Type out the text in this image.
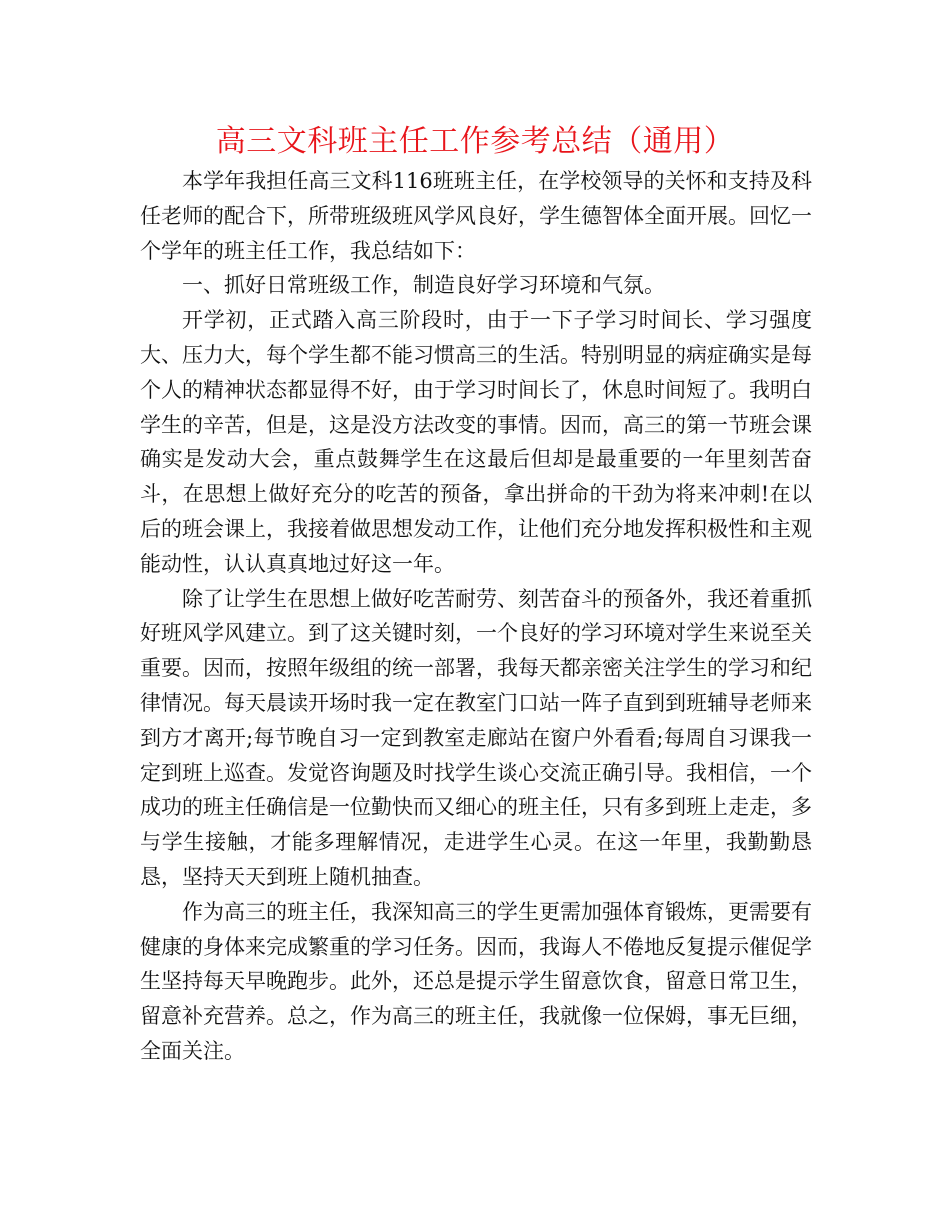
高三文科班主任工作参考总结（通用）

本学年我担任高三文科116班班主任，在学校领导的关怀和支持及科任老师的配合下，所带班级班风学风良好，学生德智体全面开展。回忆一个学年的班主任工作，我总结如下：

一、抓好日常班级工作，制造良好学习环境和气氛。

开学初，正式踏入高三阶段时，由于一下子学习时间长、学习强度大、压力大，每个学生都不能习惯高三的生活。特别明显的病症确实是每个人的精神状态都显得不好，由于学习时间长了，休息时间短了。我明白学生的辛苦，但是，这是没方法改变的事情。因而，高三的第一节班会课确实是发动大会，重点鼓舞学生在这最后但却是最重要的一年里刻苦奋斗，在思想上做好充分的吃苦的预备，拿出拼命的干劲为将来冲刺!在以后的班会课上，我接着做思想发动工作，让他们充分地发挥积极性和主观能动性，认认真真地过好这一年。

除了让学生在思想上做好吃苦耐劳、刻苦奋斗的预备外，我还着重抓好班风学风建立。到了这关键时刻，一个良好的学习环境对学生来说至关重要。因而，按照年级组的统一部署，我每天都亲密关注学生的学习和纪律情况。每天晨读开场时我一定在教室门口站一阵子直到到班辅导老师来到方才离开;每节晚自习一定到教室走廊站在窗户外看看;每周自习课我一定到班上巡查。发觉咨询题及时找学生谈心交流正确引导。我相信，一个成功的班主任确信是一位勤快而又细心的班主任，只有多到班上走走，多与学生接触，才能多理解情况，走进学生心灵。在这一年里，我勤勤恳恳，坚持天天到班上随机抽查。

作为高三的班主任，我深知高三的学生更需加强体育锻炼，更需要有健康的身体来完成繁重的学习任务。因而，我诲人不倦地反复提示催促学生坚持每天早晚跑步。此外，还总是提示学生留意饮食，留意日常卫生，留意补充营养。总之，作为高三的班主任，我就像一位保姆，事无巨细，全面关注。
